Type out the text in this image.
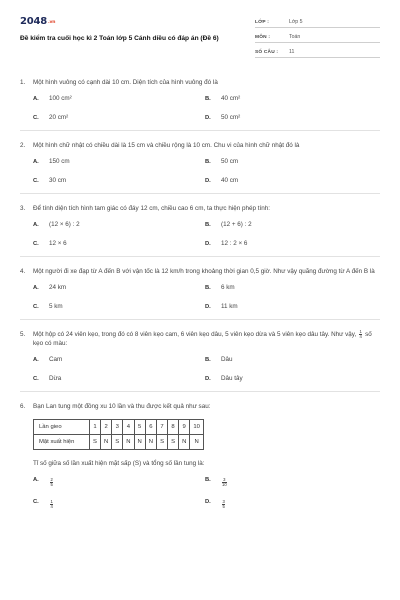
2048.vn
Đề kiểm tra cuối học kì 2 Toán lớp 5 Cánh diều có đáp án (Đề 6)
LỚP :	Lớp 5
MÔN :	Toán
SỐ CÂU :	11
1.	Một hình vuông có cạnh dài 10 cm. Diện tích của hình vuông đó là
A.	100 cm²	B.	40 cm²
C.	20 cm²	D.	50 cm²
2.	Một hình chữ nhật có chiều dài là 15 cm và chiều rộng là 10 cm. Chu vi của hình chữ nhật đó là
A.	150 cm	B.	50 cm
C.	30 cm	D.	40 cm
3.	Để tính diện tích hình tam giác có đáy 12 cm, chiều cao 6 cm, ta thực hiện phép tính:
A.	(12 × 6) : 2	B.	(12 + 6) : 2
C.	12 × 6	D.	12 : 2 × 6
4.	Một người đi xe đạp từ A đến B với vận tốc là 12 km/h trong khoảng thời gian 0,5 giờ. Như vậy quãng đường từ A đến B là
A.	24 km	B.	6 km
C.	5 km	D.	11 km
5.	Một hộp có 24 viên kẹo, trong đó có 8 viên kẹo cam, 6 viên kẹo dâu, 5 viên kẹo dừa và 5 viên kẹo dâu tây. Như vậy, $\frac{1}{4}$ số kẹo có màu:
A.	Cam	B.	Dâu
C.	Dừa	D.	Dâu tây
6.	Bạn Lan tung một đồng xu 10 lần và thu được kết quả như sau:
Lần gieo	1	2	3	4	5	6	7	8	9	10
Mặt xuất hiện	S	N	S	N	N	N	S	S	N	N
Tỉ số giữa số lần xuất hiện mặt sấp (S) và tổng số lần tung là:
A.	$\frac{2}{5}$	B.	$\frac{3}{10}$
C.	$\frac{1}{4}$	D.	$\frac{3}{5}$
